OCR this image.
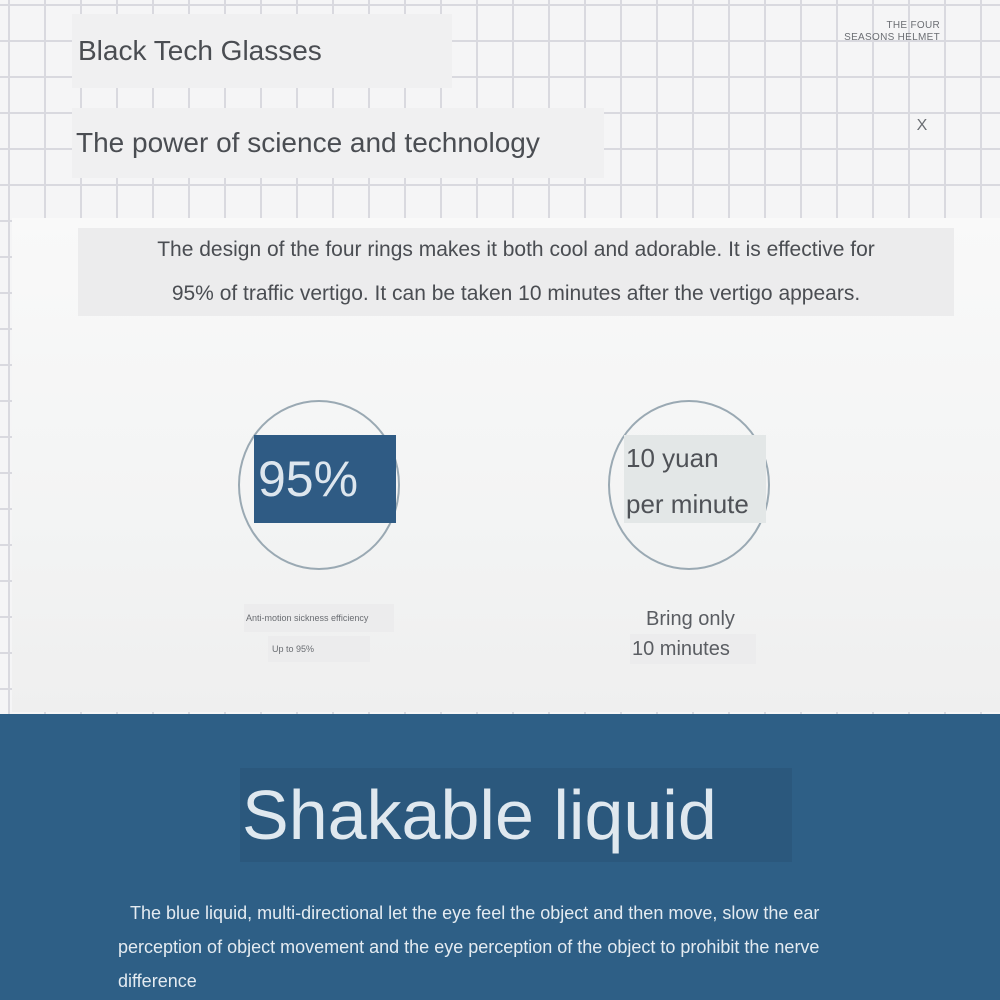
Black Tech Glasses
The power of science and technology
THE FOUR
SEASONS HELMET
X
The design of the four rings makes it both cool and adorable. It is effective for
95% of traffic vertigo. It can be taken 10 minutes after the vertigo appears.
95%	10 yuan
per minute
Anti-motion sickness efficiency
Up to 95%
Bring only
10 minutes
Shakable liquid
The blue liquid, multi-directional let the eye feel the object and then move, slow the ear
perception of object movement and the eye perception of the object to prohibit the nerve
difference
